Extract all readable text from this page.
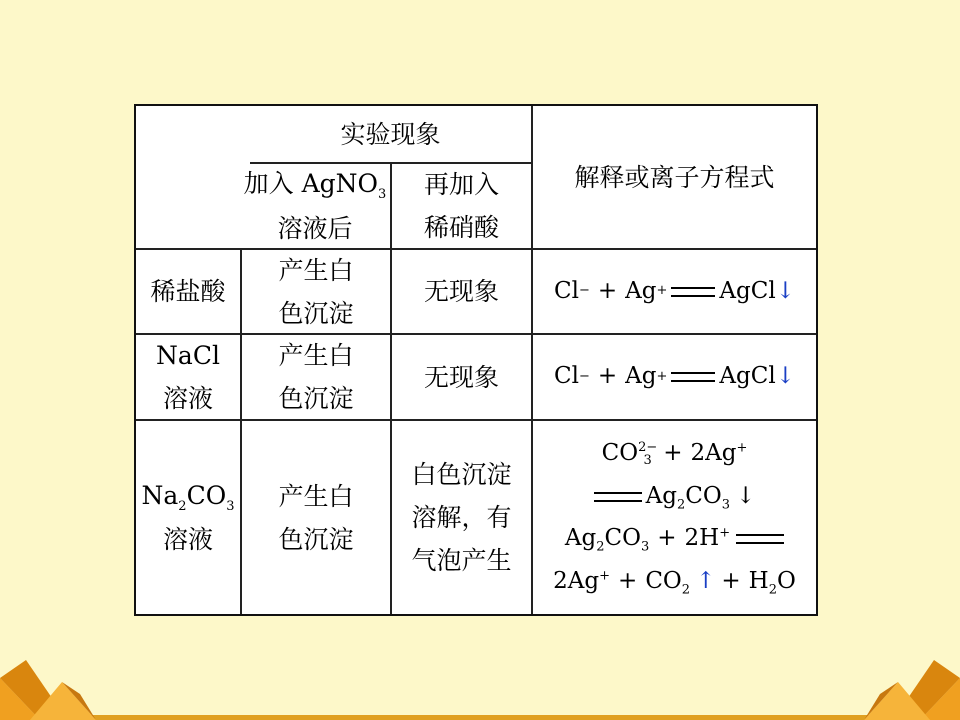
实验现象
加入 AgNO$_3$
溶液后
再加入
稀硝酸
解释或离子方程式
稀盐酸
产生白
色沉淀
无现象 Cl − + Ag + AgCl ↓
NaCl
溶液
产生白
色沉淀
无现象 Cl − + Ag + AgCl ↓
$Na_2CO_3$
溶液
产生白
色沉淀
白色沉淀
溶解，有
气泡产生
CO 2−
3 + 2Ag+
$Ag_2CO_3$ ↓
$Ag_2CO_3 + 2H^+$
$2Ag^+ + CO_2$ ↑ + $H_2O$
